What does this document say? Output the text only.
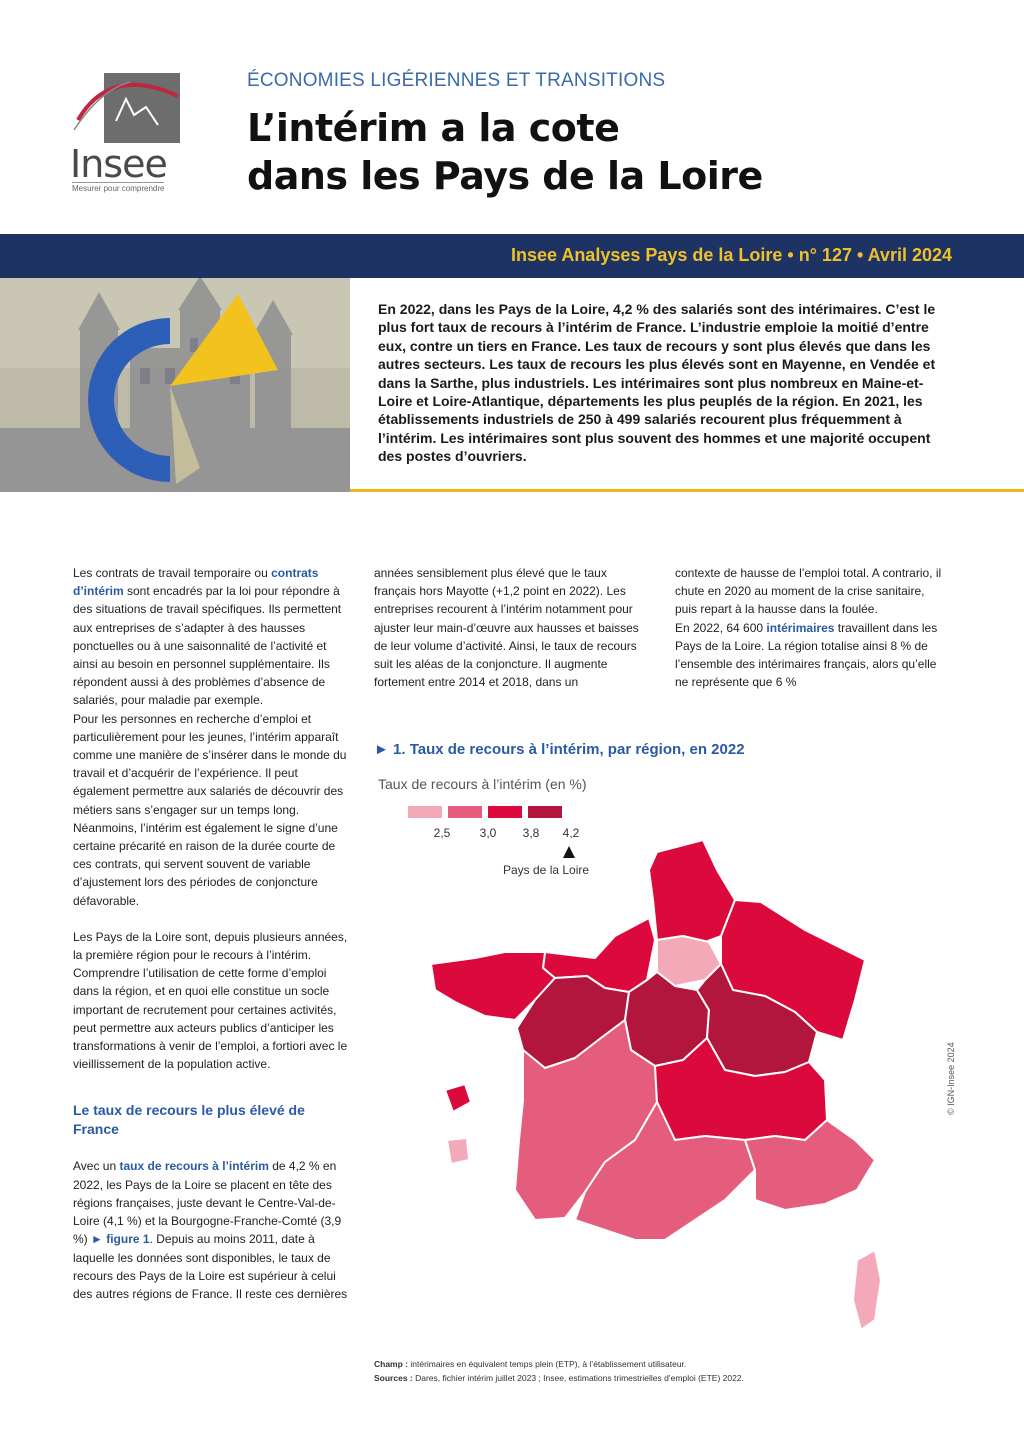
Insee
Mesurer pour comprendre
ÉCONOMIES LIGÉRIENNES ET TRANSITIONS
L’intérim a la cote
dans les Pays de la Loire
Insee Analyses Pays de la Loire • n° 127 • Avril 2024
En 2022, dans les Pays de la Loire, 4,2 % des salariés sont des intérimaires. C’est le plus fort taux de recours à l’intérim de France. L’industrie emploie la moitié d’entre eux, contre un tiers en France. Les taux de recours y sont plus élevés que dans les autres secteurs. Les taux de recours les plus élevés sont en Mayenne, en Vendée et dans la Sarthe, plus industriels. Les intérimaires sont plus nombreux en Maine-et-Loire et Loire-Atlantique, départements les plus peuplés de la région. En 2021, les établissements industriels de 250 à 499 salariés recourent plus fréquemment à l’intérim. Les intérimaires sont plus souvent des hommes et une majorité occupent des postes d’ouvriers.

Les contrats de travail temporaire ou contrats d’intérim sont encadrés par la loi pour répondre à des situations de travail spécifiques. Ils permettent aux entreprises de s’adapter à des hausses ponctuelles ou à une saisonnalité de l’activité et ainsi au besoin en personnel supplémentaire. Ils répondent aussi à des problèmes d’absence de salariés, pour maladie par exemple.

Pour les personnes en recherche d’emploi et particulièrement pour les jeunes, l’intérim apparaît comme une manière de s’insérer dans le monde du travail et d’acquérir de l’expérience. Il peut également permettre aux salariés de découvrir des métiers sans s’engager sur un temps long. Néanmoins, l’intérim est également le signe d’une certaine précarité en raison de la durée courte de ces contrats, qui servent souvent de variable d’ajustement lors des périodes de conjoncture défavorable.

Les Pays de la Loire sont, depuis plusieurs années, la première région pour le recours à l’intérim. Comprendre l’utilisation de cette forme d’emploi dans la région, et en quoi elle constitue un socle important de recrutement pour certaines activités, peut permettre aux acteurs publics d’anticiper les transformations à venir de l’emploi, a fortiori avec le vieillissement de la population active.

Le taux de recours le plus élevé de France

Avec un taux de recours à l’intérim de 4,2 % en 2022, les Pays de la Loire se placent en tête des régions françaises, juste devant le Centre-Val-de-Loire (4,1 %) et la Bourgogne-Franche-Comté (3,9 %) ► figure 1. Depuis au moins 2011, date à laquelle les données sont disponibles, le taux de recours des Pays de la Loire est supérieur à celui des autres régions de France. Il reste ces dernières

années sensiblement plus élevé que le taux français hors Mayotte (+1,2 point en 2022). Les entreprises recourent à l’intérim notamment pour ajuster leur main-d’œuvre aux hausses et baisses de leur volume d’activité. Ainsi, le taux de recours suit les aléas de la conjoncture. Il augmente fortement entre 2014 et 2018, dans un

contexte de hausse de l’emploi total. A contrario, il chute en 2020 au moment de la crise sanitaire, puis repart à la hausse dans la foulée.

En 2022, 64 600 intérimaires travaillent dans les Pays de la Loire. La région totalise ainsi 8 % de l’ensemble des intérimaires français, alors qu’elle ne représente que 6 %

► 1. Taux de recours à l’intérim, par région, en 2022
Taux de recours à l’intérim (en %)
2,5	3,0	3,8	4,2
Pays de la Loire
© IGN-Insee 2024
Champ : intérimaires en équivalent temps plein (ETP), à l’établissement utilisateur.
Sources : Dares, fichier intérim juillet 2023 ; Insee, estimations trimestrielles d’emploi (ETE) 2022.
